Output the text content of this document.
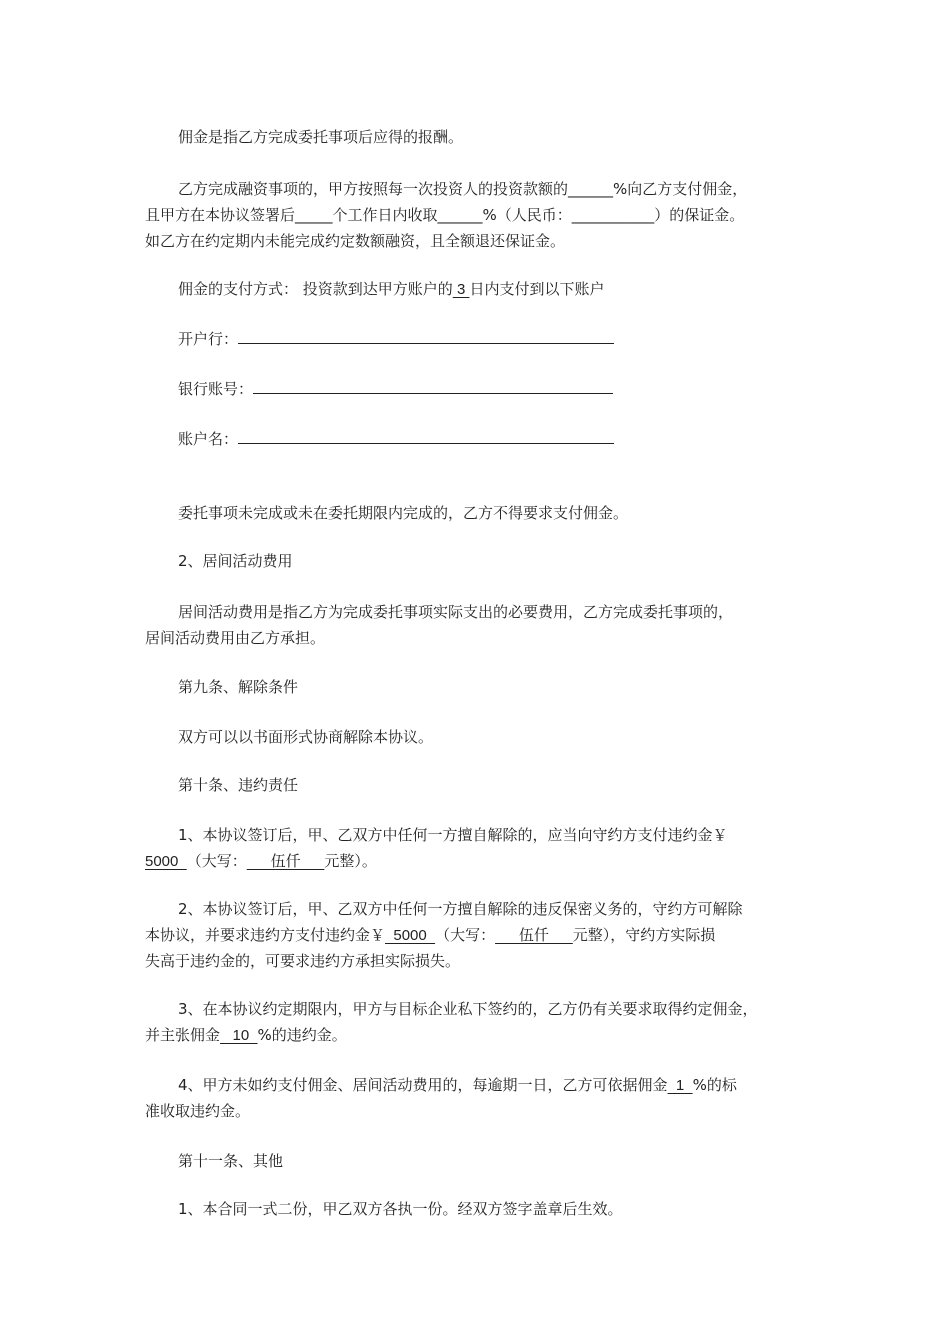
佣金是指乙方完成委托事项后应得的报酬。

乙方完成融资事项的，甲方按照每一次投资人的投资款额的______%向乙方支付佣金，

且甲方在本协议签署后_____个工作日内收取______%（人民币：___________）的保证金。

如乙方在约定期内未能完成约定数额融资，且全额退还保证金。

佣金的支付方式： 投资款到达甲方账户的 3 日内支付到以下账户

开户行：

银行账号：

账户名：

委托事项未完成或未在委托期限内完成的，乙方不得要求支付佣金。

2、居间活动费用

居间活动费用是指乙方为完成委托事项实际支出的必要费用，乙方完成委托事项的，

居间活动费用由乙方承担。

第九条、解除条件

双方可以以书面形式协商解除本协议。

第十条、违约责任

1、本协议签订后，甲、乙双方中任何一方擅自解除的，应当向守约方支付违约金￥

5000  （大写：     伍仟     元整）。

2、本协议签订后，甲、乙双方中任何一方擅自解除的违反保密义务的，守约方可解除

本协议，并要求违约方支付违约金￥  5000  （大写：     伍仟     元整），守约方实际损

失高于违约金的，可要求违约方承担实际损失。

3、在本协议约定期限内，甲方与目标企业私下签约的，乙方仍有关要求取得约定佣金，

并主张佣金   10  %的违约金。

4、甲方未如约支付佣金、居间活动费用的，每逾期一日，乙方可依据佣金  1  %的标

准收取违约金。

第十一条、其他

1、本合同一式二份，甲乙双方各执一份。经双方签字盖章后生效。
